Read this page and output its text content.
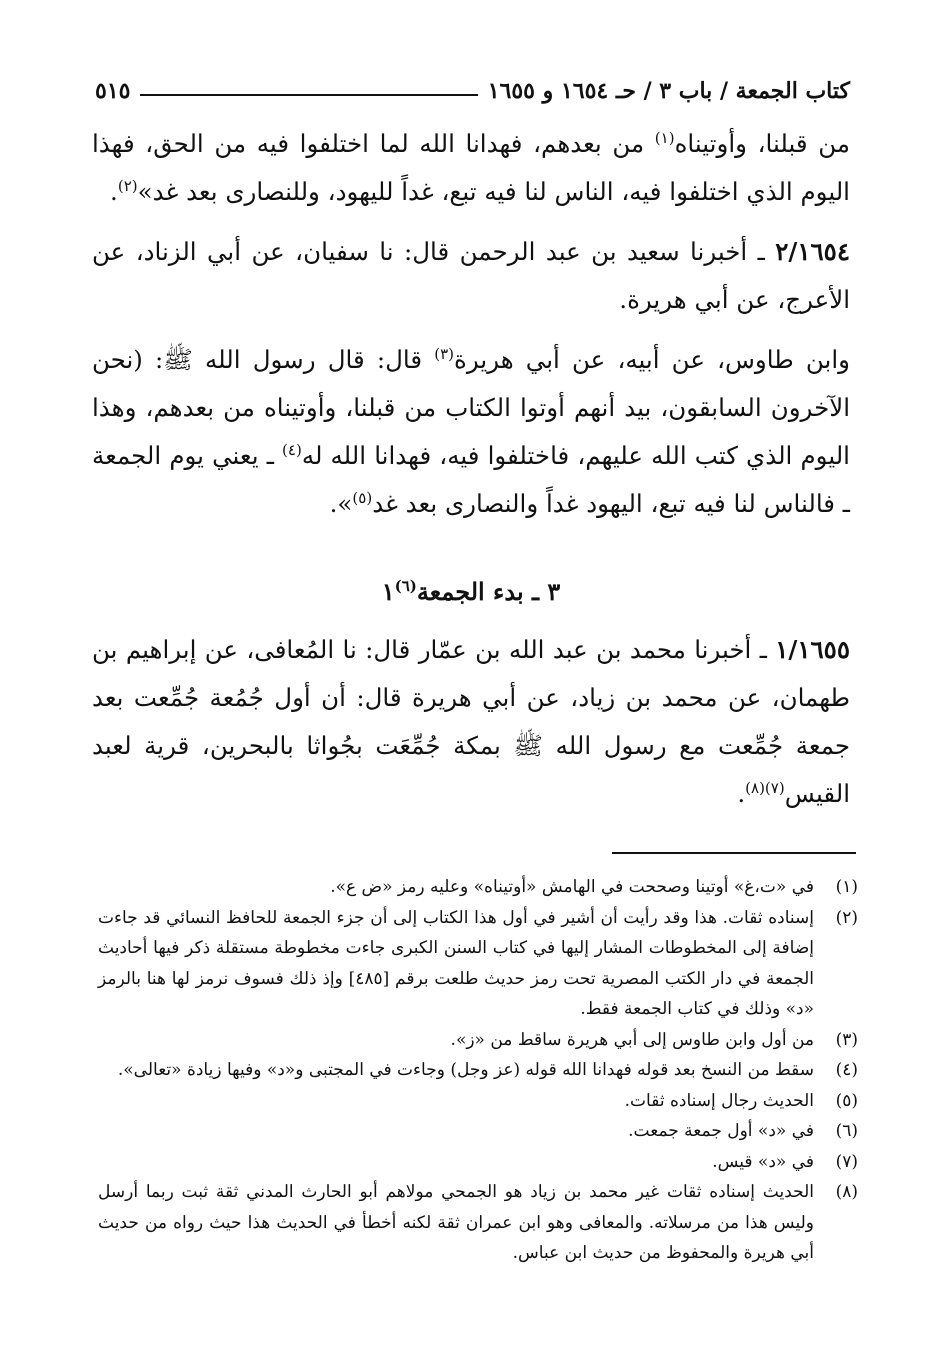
كتاب الجمعة / باب ٣ / حـ ١٦٥٤ و ١٦٥٥
٥١٥

من قبلنا، وأوتيناه$^{(١)}$ من بعدهم، فهدانا الله لما اختلفوا فيه من الحق، فهذا اليوم الذي اختلفوا فيه، الناس لنا فيه تبع، غداً لليهود، وللنصارى بعد غد»$^{(٢)}$.

٢/١٦٥٤ ـ أخبرنا سعيد بن عبد الرحمن قال: نا سفيان، عن أبي الزناد، عن الأعرج، عن أبي هريرة.

وابن طاوس، عن أبيه، عن أبي هريرة$^{(٣)}$ قال: قال رسول الله ﷺ: (نحن الآخرون السابقون، بيد أنهم أوتوا الكتاب من قبلنا، وأوتيناه من بعدهم، وهذا اليوم الذي كتب الله عليهم، فاختلفوا فيه، فهدانا الله له$^{(٤)}$ ـ يعني يوم الجمعة ـ فالناس لنا فيه تبع، اليهود غداً والنصارى بعد غد$^{(٥)}$».

٣ ـ بدء الجمعة$^{(٦)}$١

١/١٦٥٥ ـ أخبرنا محمد بن عبد الله بن عمّار قال: نا المُعافى، عن إبراهيم بن طهمان، عن محمد بن زياد، عن أبي هريرة قال: أن أول جُمُعة جُمِّعت بعد جمعة جُمِّعت مع رسول الله ﷺ بمكة جُمِّعَت بجُواثا بالبحرين، قرية لعبد القيس$^{(٧)(٨)}$.

(١)
في «ت،غ» أوتينا وصححت في الهامش «أوتيناه» وعليه رمز «ض ع».
(٢)
إسناده ثقات. هذا وقد رأيت أن أشير في أول هذا الكتاب إلى أن جزء الجمعة للحافظ النسائي قد جاءت إضافة إلى المخطوطات المشار إليها في كتاب السنن الكبرى جاءت مخطوطة مستقلة ذكر فيها أحاديث الجمعة في دار الكتب المصرية تحت رمز حديث طلعت برقم [٤٨٥] وإذ ذلك فسوف نرمز لها هنا بالرمز «د» وذلك في كتاب الجمعة فقط.
(٣)
من أول وابن طاوس إلى أبي هريرة ساقط من «ز».
(٤)
سقط من النسخ بعد قوله فهدانا الله قوله (عز وجل) وجاءت في المجتبى و«د» وفيها زيادة «تعالى».
(٥)
الحديث رجال إسناده ثقات.
(٦)
في «د» أول جمعة جمعت.
(٧)
في «د» قيس.
(٨)
الحديث إسناده ثقات غير محمد بن زياد هو الجمحي مولاهم أبو الحارث المدني ثقة ثبت ربما أرسل وليس هذا من مرسلاته. والمعافى وهو ابن عمران ثقة لكنه أخطأ في الحديث هذا حيث رواه من حديث أبي هريرة والمحفوظ من حديث ابن عباس.
